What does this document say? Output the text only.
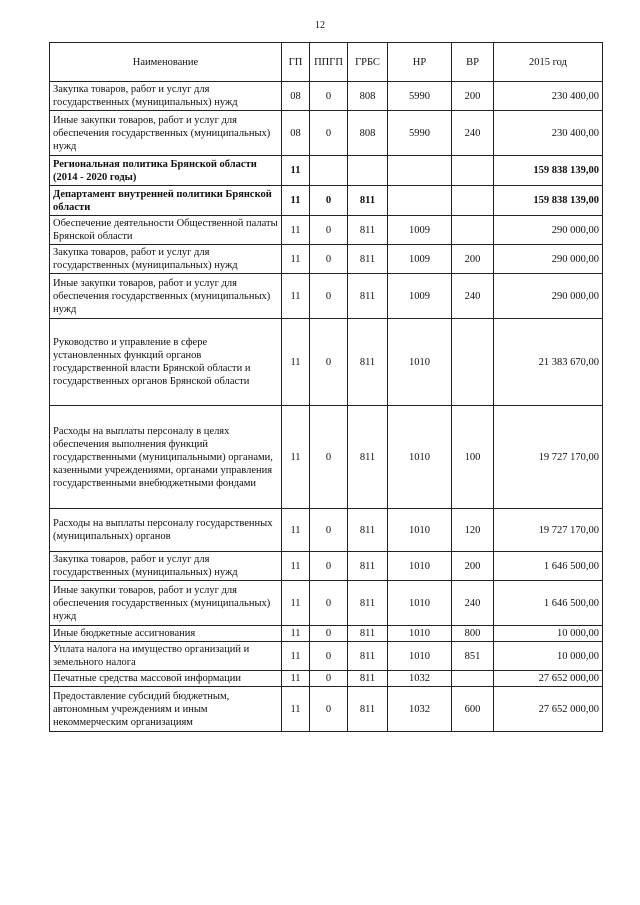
12
Наименование	ГП	ППГП	ГРБС	НР	ВР	2015 год
Закупка товаров, работ и услуг для государственных (муниципальных) нужд	08	0	808	5990	200	230 400,00
Иные закупки товаров, работ и услуг для обеспечения государственных (муниципальных) нужд	08	0	808	5990	240	230 400,00
Региональная политика Брянской области (2014 - 2020 годы)	11					159 838 139,00
Департамент внутренней политики Брянской области	11	0	811			159 838 139,00
Обеспечение деятельности Общественной палаты Брянской области	11	0	811	1009		290 000,00
Закупка товаров, работ и услуг для государственных (муниципальных) нужд	11	0	811	1009	200	290 000,00
Иные закупки товаров, работ и услуг для обеспечения государственных (муниципальных) нужд	11	0	811	1009	240	290 000,00
Руководство и управление в сфере установленных функций органов государственной власти Брянской области и государственных органов Брянской области	11	0	811	1010		21 383 670,00
Расходы на выплаты персоналу в целях обеспечения выполнения функций государственными (муниципальными) органами, казенными учреждениями, органами управления государственными внебюджетными фондами	11	0	811	1010	100	19 727 170,00
Расходы на выплаты персоналу государственных (муниципальных) органов	11	0	811	1010	120	19 727 170,00
Закупка товаров, работ и услуг для государственных (муниципальных) нужд	11	0	811	1010	200	1 646 500,00
Иные закупки товаров, работ и услуг для обеспечения государственных (муниципальных) нужд	11	0	811	1010	240	1 646 500,00
Иные бюджетные ассигнования	11	0	811	1010	800	10 000,00
Уплата налога на имущество организаций и земельного налога	11	0	811	1010	851	10 000,00
Печатные средства массовой информации	11	0	811	1032		27 652 000,00
Предоставление субсидий бюджетным, автономным учреждениям и иным некоммерческим организациям	11	0	811	1032	600	27 652 000,00
